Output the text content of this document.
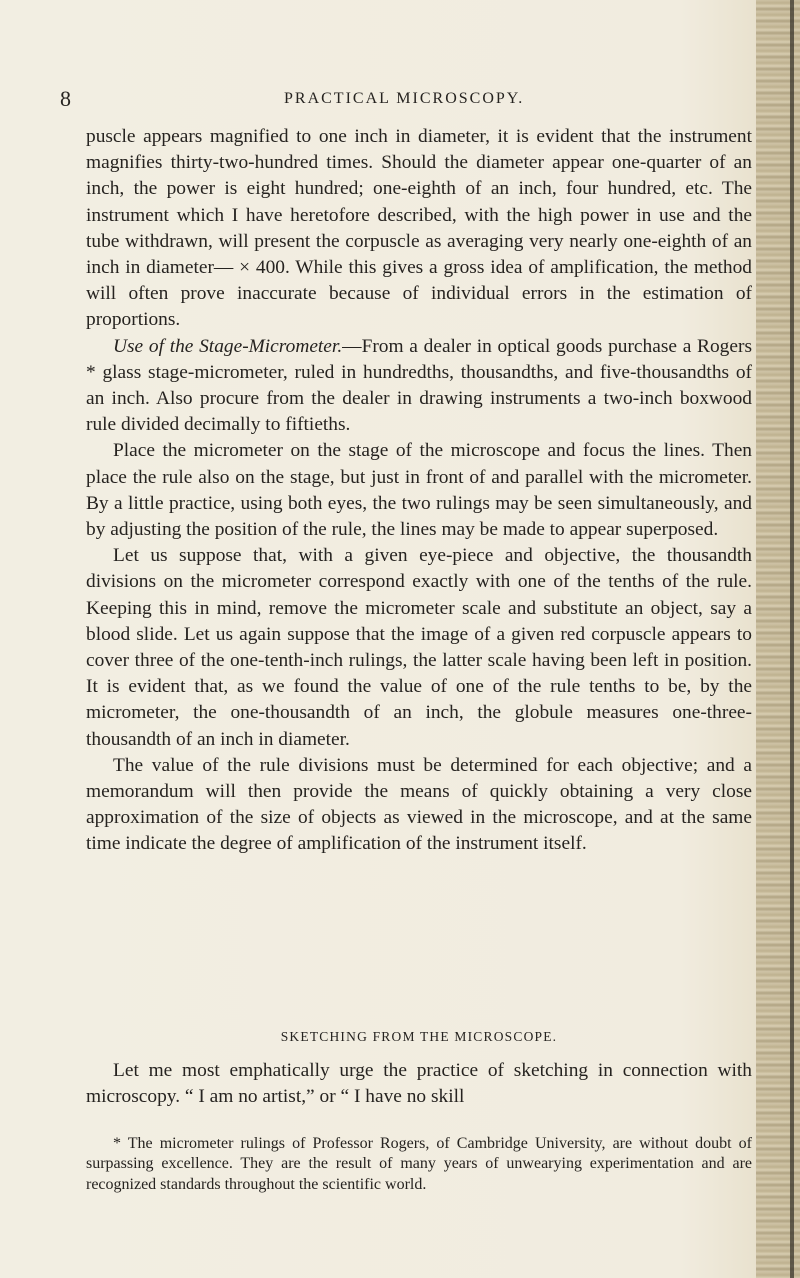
8	PRACTICAL MICROSCOPY.

puscle appears magnified to one inch in diameter, it is evident that the instrument magnifies thirty-two-hundred times. Should the diameter appear one-quarter of an inch, the power is eight hundred; one-eighth of an inch, four hundred, etc. The instrument which I have heretofore described, with the high power in use and the tube withdrawn, will present the corpuscle as averaging very nearly one-eighth of an inch in diameter— × 400. While this gives a gross idea of amplification, the method will often prove inaccurate because of individual errors in the estimation of proportions.

Use of the Stage-Micrometer.—From a dealer in optical goods purchase a Rogers * glass stage-micrometer, ruled in hundredths, thousandths, and five-thousandths of an inch. Also procure from the dealer in drawing instruments a two-inch boxwood rule divided decimally to fiftieths.

Place the micrometer on the stage of the microscope and focus the lines. Then place the rule also on the stage, but just in front of and parallel with the micrometer. By a little practice, using both eyes, the two rulings may be seen simultaneously, and by adjusting the position of the rule, the lines may be made to appear superposed.

Let us suppose that, with a given eye-piece and objective, the thousandth divisions on the micrometer correspond exactly with one of the tenths of the rule. Keeping this in mind, remove the micrometer scale and substitute an object, say a blood slide. Let us again suppose that the image of a given red corpuscle appears to cover three of the one-tenth-inch rulings, the latter scale having been left in position. It is evident that, as we found the value of one of the rule tenths to be, by the micrometer, the one-thousandth of an inch, the globule measures one-three-thousandth of an inch in diameter.

The value of the rule divisions must be determined for each objective; and a memorandum will then provide the means of quickly obtaining a very close approximation of the size of objects as viewed in the microscope, and at the same time indicate the degree of amplification of the instrument itself.

SKETCHING FROM THE MICROSCOPE.

Let me most emphatically urge the practice of sketching in connection with microscopy. “ I am no artist,” or “ I have no skill

* The micrometer rulings of Professor Rogers, of Cambridge University, are without doubt of surpassing excellence. They are the result of many years of unwearying experimentation and are recognized standards throughout the scientific world.
